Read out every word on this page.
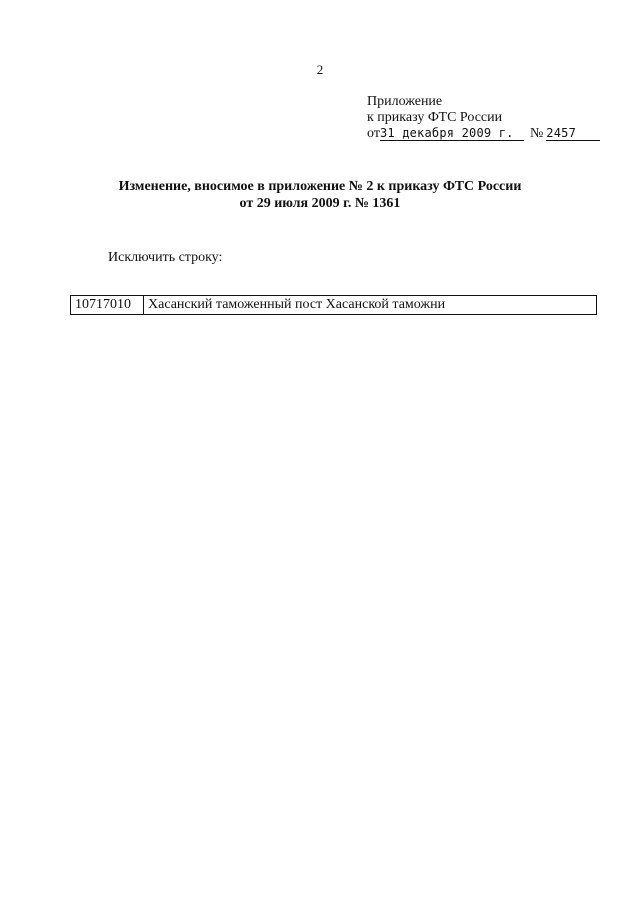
2
Приложение
к приказу ФТС России
от31 декабря 2009 г. № 2457
Изменение, вносимое в приложение № 2 к приказу ФТС России
от 29 июля 2009 г. № 1361
Исключить строку:
10717010	Хасанский таможенный пост Хасанской таможни
